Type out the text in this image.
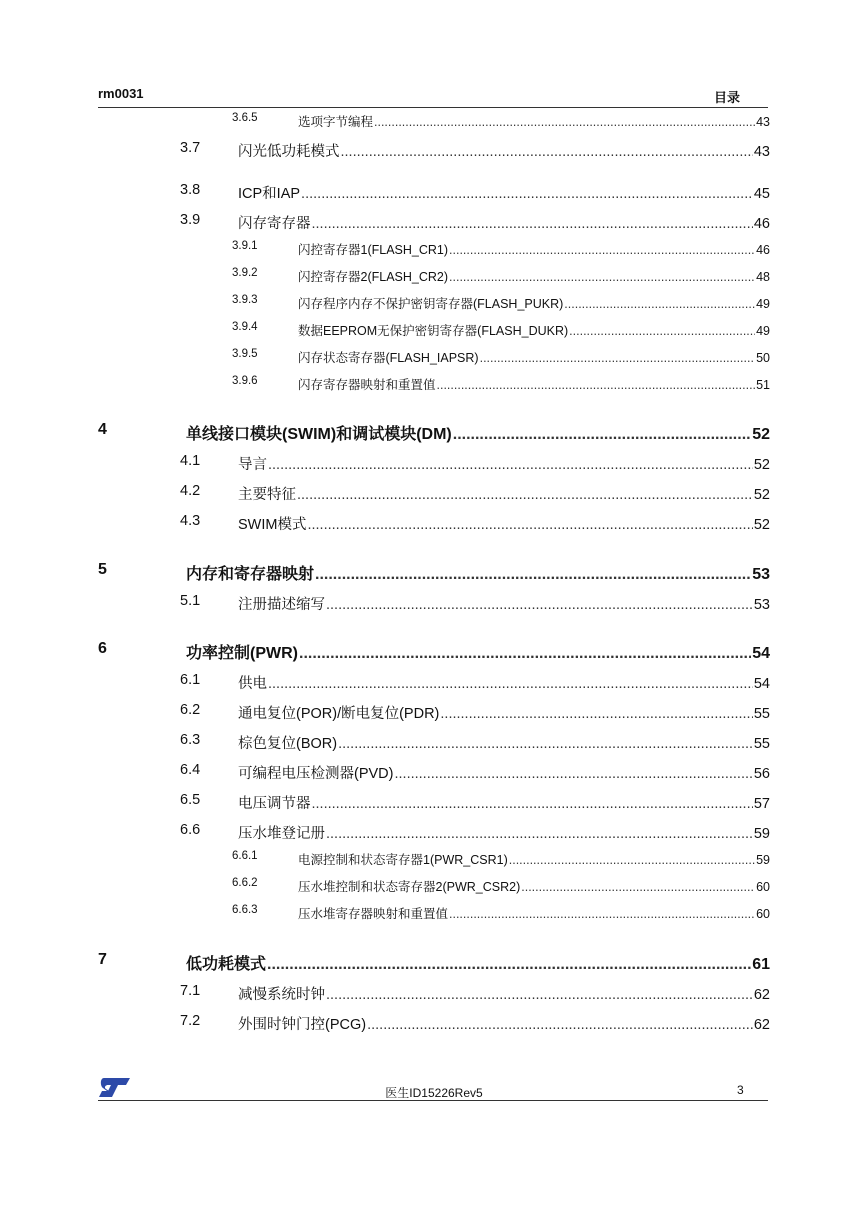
rm0031	目录
3.6.5	选项字节编程 .....	43
3.7	闪光低功耗模式 .....	43
3.8	ICP和IAP .....	45
3.9	闪存寄存器 .....	46
3.9.1	闪控寄存器1(FLASH_CR1) .....	46
3.9.2	闪控寄存器2(FLASH_CR2) .....	48
3.9.3	闪存程序内存不保护密钥寄存器(FLASH_PUKR) .....	49
3.9.4	数据EEPROM无保护密钥寄存器(FLASH_DUKR) .....	49
3.9.5	闪存状态寄存器(FLASH_IAPSR) .....	50
3.9.6	闪存寄存器映射和重置值 .....	51
4	单线接口模块(SWIM)和调试模块(DM) .....	52
4.1	导言 .....	52
4.2	主要特征 .....	52
4.3	SWIM模式 .....	52
5	内存和寄存器映射 .....	53
5.1	注册描述缩写 .....	53
6	功率控制(PWR) .....	54
6.1	供电 .....	54
6.2	通电复位(POR)/断电复位(PDR) .....	55
6.3	棕色复位(BOR) .....	55
6.4	可编程电压检测器(PVD) .....	56
6.5	电压调节器 .....	57
6.6	压水堆登记册 .....	59
6.6.1	电源控制和状态寄存器1(PWR_CSR1) .....	59
6.6.2	压水堆控制和状态寄存器2(PWR_CSR2) .....	60
6.6.3	压水堆寄存器映射和重置值 .....	60
7	低功耗模式 .....	61
7.1	减慢系统时钟 .....	62
7.2	外围时钟门控(PCG) .....	62
医生ID15226Rev5	3
